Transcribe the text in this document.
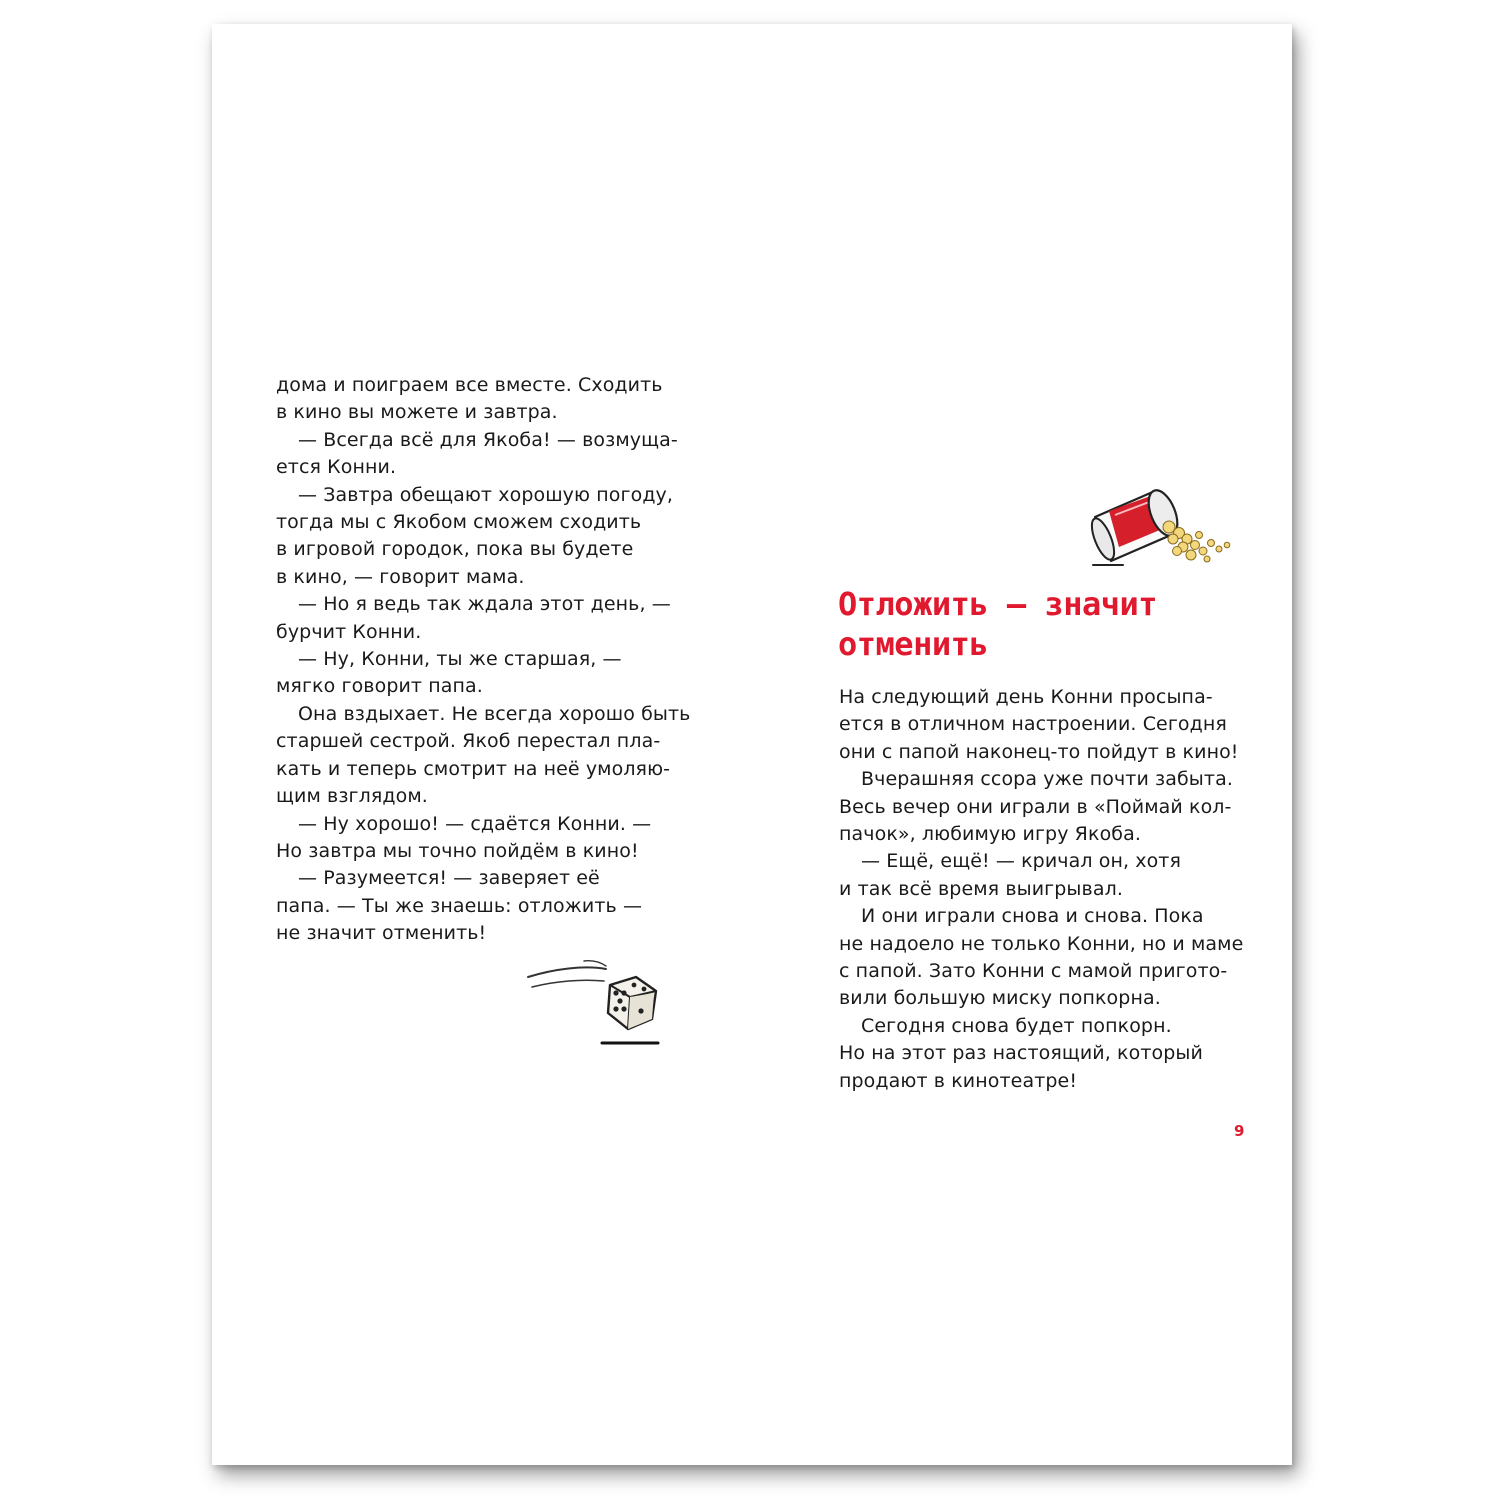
дома и поиграем все вместе. Сходить
в кино вы можете и завтра.

— Всегда всё для Якоба! — возмуща-
ется Конни.

— Завтра обещают хорошую погоду,
тогда мы с Якобом сможем сходить
в игровой городок, пока вы будете
в кино, — говорит мама.

— Но я ведь так ждала этот день, —
бурчит Конни.

— Ну, Конни, ты же старшая, —
мягко говорит папа.

Она вздыхает. Не всегда хорошо быть
старшей сестрой. Якоб перестал пла-
кать и теперь смотрит на неё умоляю-
щим взглядом.

— Ну хорошо! — сдаётся Конни. —
Но завтра мы точно пойдём в кино!

— Разумеется! — заверяет её
папа. — Ты же знаешь: отложить —
не значит отменить!

Отложить — значит
отменить

На следующий день Конни просыпа-
ется в отличном настроении. Сегодня
они с папой наконец-то пойдут в кино!

Вчерашняя ссора уже почти забыта.
Весь вечер они играли в «Поймай кол-
пачок», любимую игру Якоба.

— Ещё, ещё! — кричал он, хотя
и так всё время выигрывал.

И они играли снова и снова. Пока
не надоело не только Конни, но и маме
с папой. Зато Конни с мамой пригото-
вили большую миску попкорна.

Сегодня снова будет попкорн.
Но на этот раз настоящий, который
продают в кинотеатре!

9
